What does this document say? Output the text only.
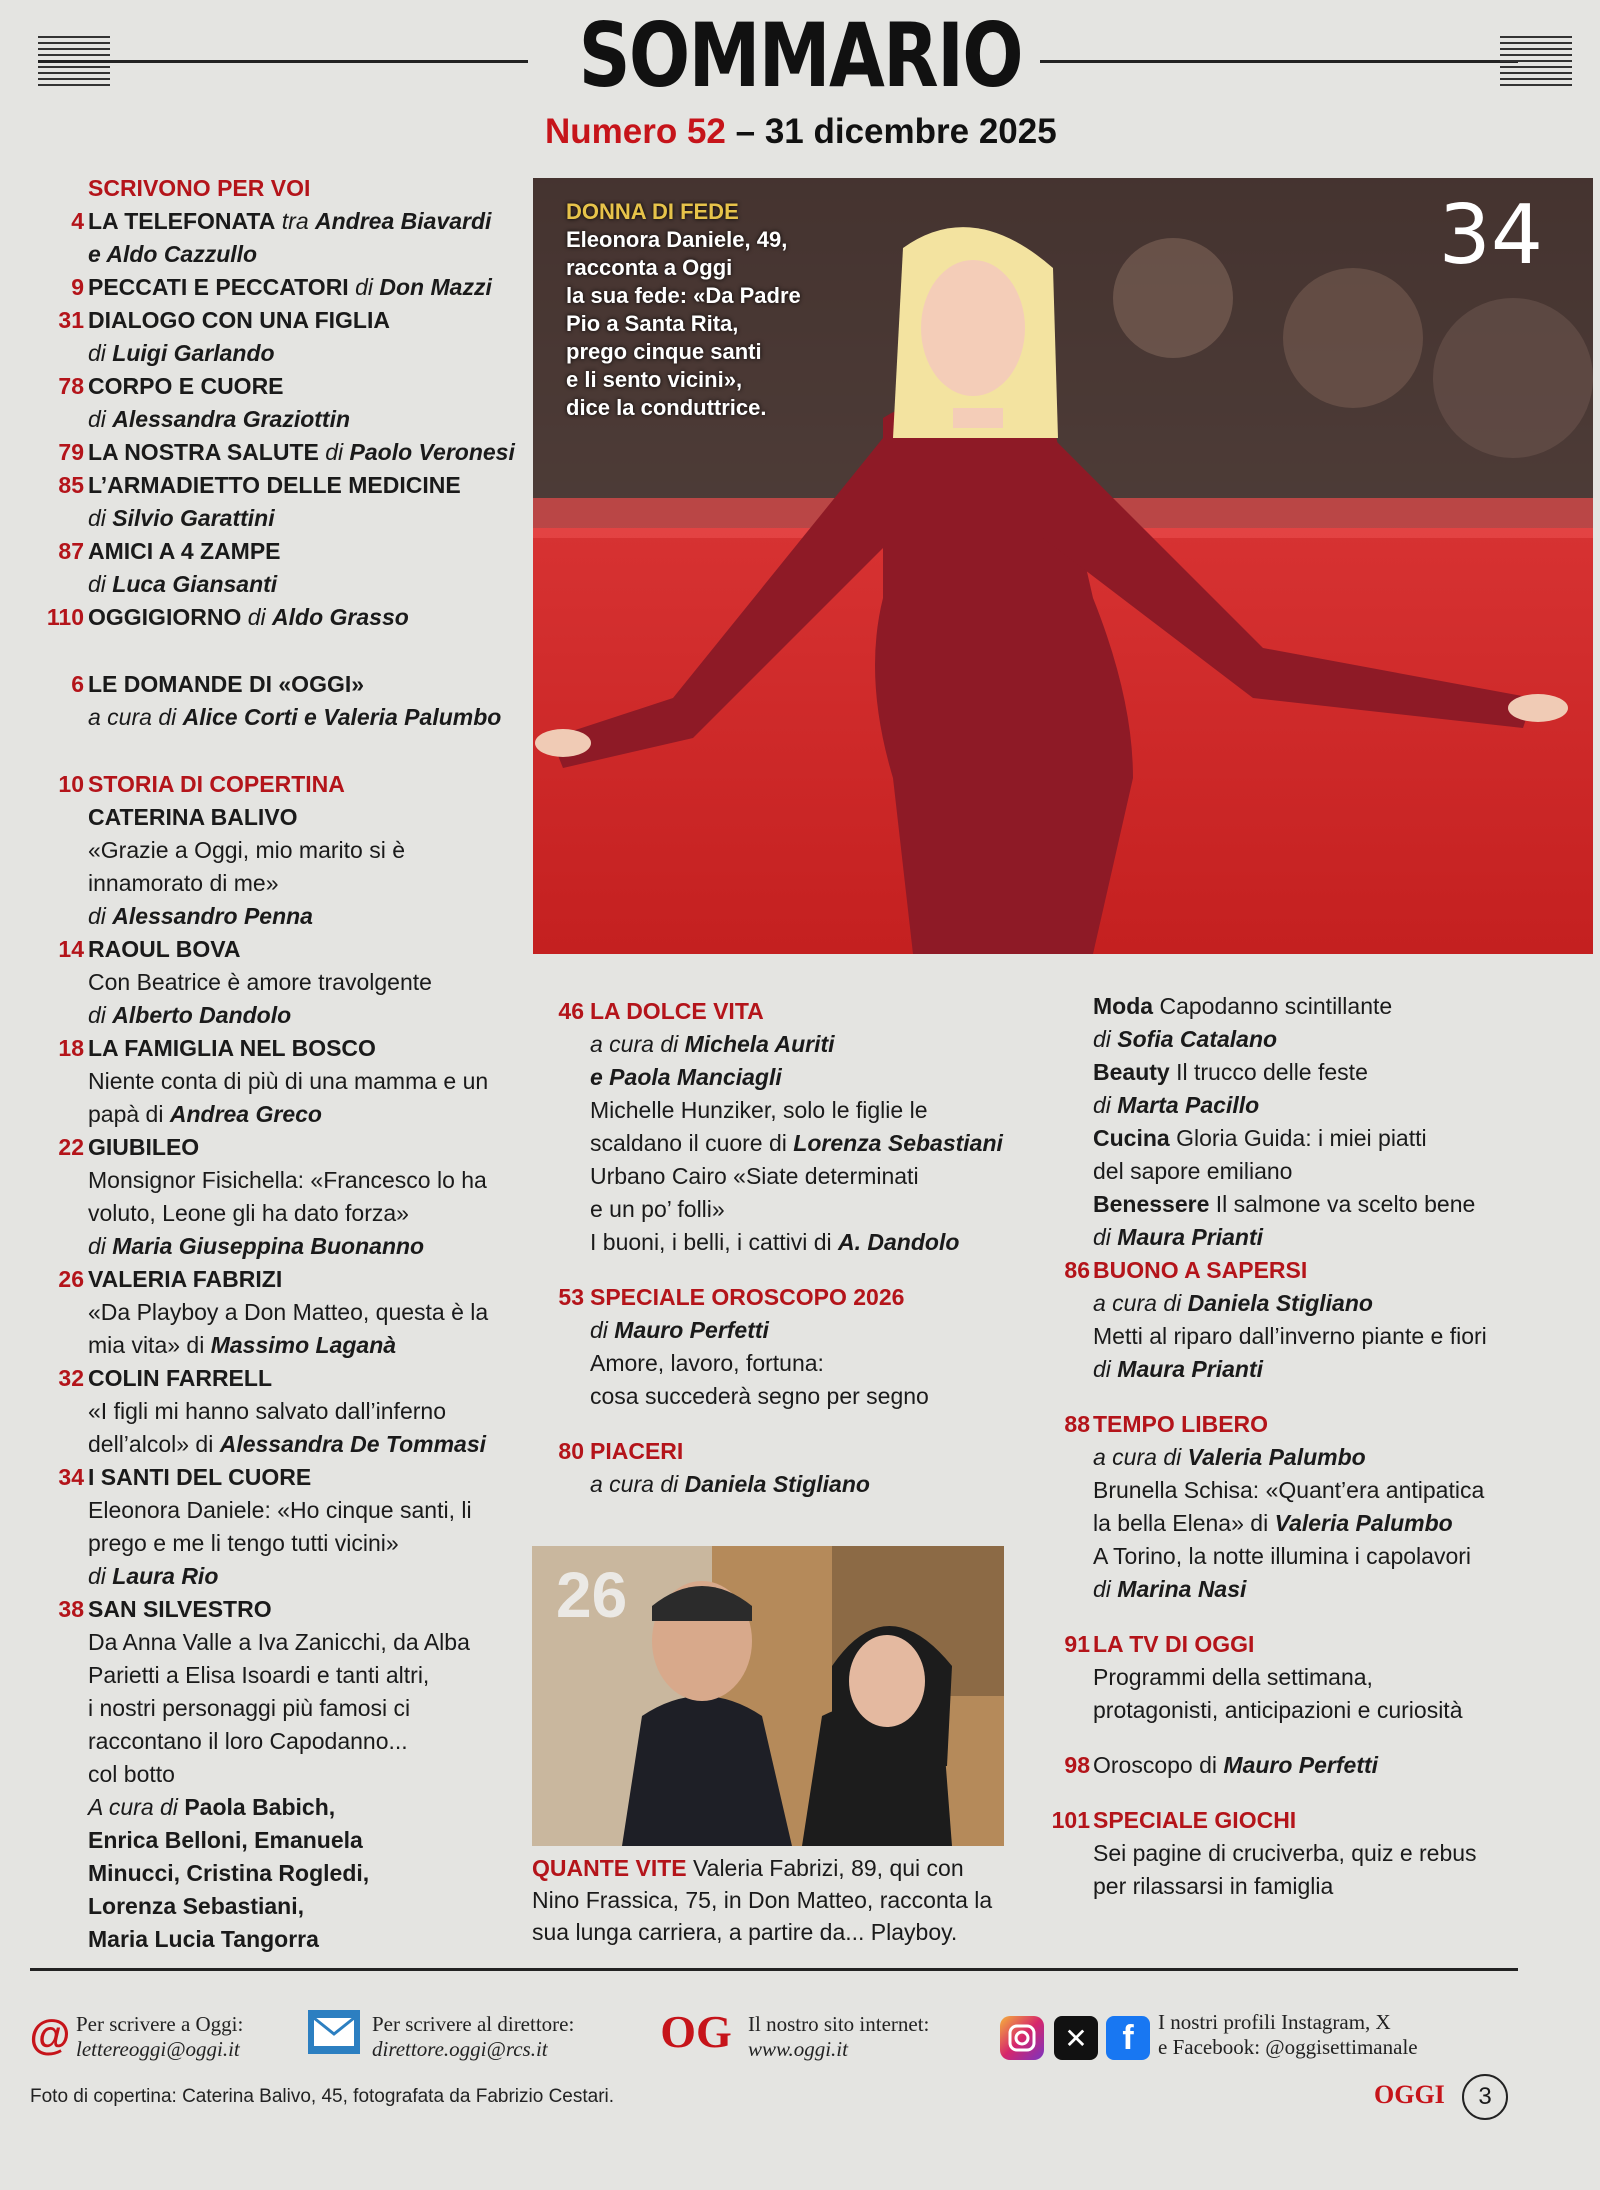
SOMMARIO
Numero 52 – 31 dicembre 2025
SCRIVONO PER VOI
4 LA TELEFONATA tra Andrea Biavardi
e Aldo Cazzullo
9 PECCATI E PECCATORI di Don Mazzi
31 DIALOGO CON UNA FIGLIA
di Luigi Garlando
78 CORPO E CUORE
di Alessandra Graziottin
79 LA NOSTRA SALUTE di Paolo Veronesi
85 L’ARMADIETTO DELLE MEDICINE
di Silvio Garattini
87 AMICI A 4 ZAMPE
di Luca Giansanti
110 OGGIGIORNO di Aldo Grasso
6 LE DOMANDE DI «OGGI»
a cura di Alice Corti e Valeria Palumbo
10 STORIA DI COPERTINA
CATERINA BALIVO
«Grazie a Oggi, mio marito si è
innamorato di me»
di Alessandro Penna
14 RAOUL BOVA
Con Beatrice è amore travolgente
di Alberto Dandolo
18 LA FAMIGLIA NEL BOSCO
Niente conta di più di una mamma e un
papà di Andrea Greco
22 GIUBILEO
Monsignor Fisichella: «Francesco lo ha
voluto, Leone gli ha dato forza»
di Maria Giuseppina Buonanno
26 VALERIA FABRIZI
«Da Playboy a Don Matteo, questa è la
mia vita» di Massimo Laganà
32 COLIN FARRELL
«I figli mi hanno salvato dall’inferno
dell’alcol» di Alessandra De Tommasi
34 I SANTI DEL CUORE
Eleonora Daniele: «Ho cinque santi, li
prego e me li tengo tutti vicini»
di Laura Rio
38 SAN SILVESTRO
Da Anna Valle a Iva Zanicchi, da Alba
Parietti a Elisa Isoardi e tanti altri,
i nostri personaggi più famosi ci
raccontano il loro Capodanno...
col botto
A cura di Paola Babich,
Enrica Belloni, Emanuela
Minucci, Cristina Rogledi,
Lorenza Sebastiani,
Maria Lucia Tangorra
DONNA DI FEDE
Eleonora Daniele, 49,
racconta a Oggi
la sua fede: «Da Padre
Pio a Santa Rita,
prego cinque santi
e li sento vicini»,
dice la conduttrice.
34
46 LA DOLCE VITA
a cura di Michela Auriti
e Paola Manciagli
Michelle Hunziker, solo le figlie le
scaldano il cuore di Lorenza Sebastiani
Urbano Cairo «Siate determinati
e un po’ folli»
I buoni, i belli, i cattivi di A. Dandolo
53 SPECIALE OROSCOPO 2026
di Mauro Perfetti
Amore, lavoro, fortuna:
cosa succederà segno per segno
80 PIACERI
a cura di Daniela Stigliano
26
QUANTE VITE Valeria Fabrizi, 89, qui con
Nino Frassica, 75, in Don Matteo, racconta la
sua lunga carriera, a partire da... Playboy.
Moda Capodanno scintillante
di Sofia Catalano
Beauty Il trucco delle feste
di Marta Pacillo
Cucina Gloria Guida: i miei piatti
del sapore emiliano
Benessere Il salmone va scelto bene
di Maura Prianti
86 BUONO A SAPERSI
a cura di Daniela Stigliano
Metti al riparo dall’inverno piante e fiori
di Maura Prianti
88 TEMPO LIBERO
a cura di Valeria Palumbo
Brunella Schisa: «Quant’era antipatica
la bella Elena» di Valeria Palumbo
A Torino, la notte illumina i capolavori
di Marina Nasi
91 LA TV DI OGGI
Programmi della settimana,
protagonisti, anticipazioni e curiosità
98 Oroscopo di Mauro Perfetti
101 SPECIALE GIOCHI
Sei pagine di cruciverba, quiz e rebus
per rilassarsi in famiglia
@ Per scrivere a Oggi:
lettereoggi@oggi.it
Per scrivere al direttore:
direttore.oggi@rcs.it	OG Il nostro sito internet:
www.oggi.it	✕	f	I nostri profili Instagram, X
e Facebook: @oggisettimanale
Foto di copertina: Caterina Balivo, 45, fotografata da Fabrizio Cestari.	OGGI	3
